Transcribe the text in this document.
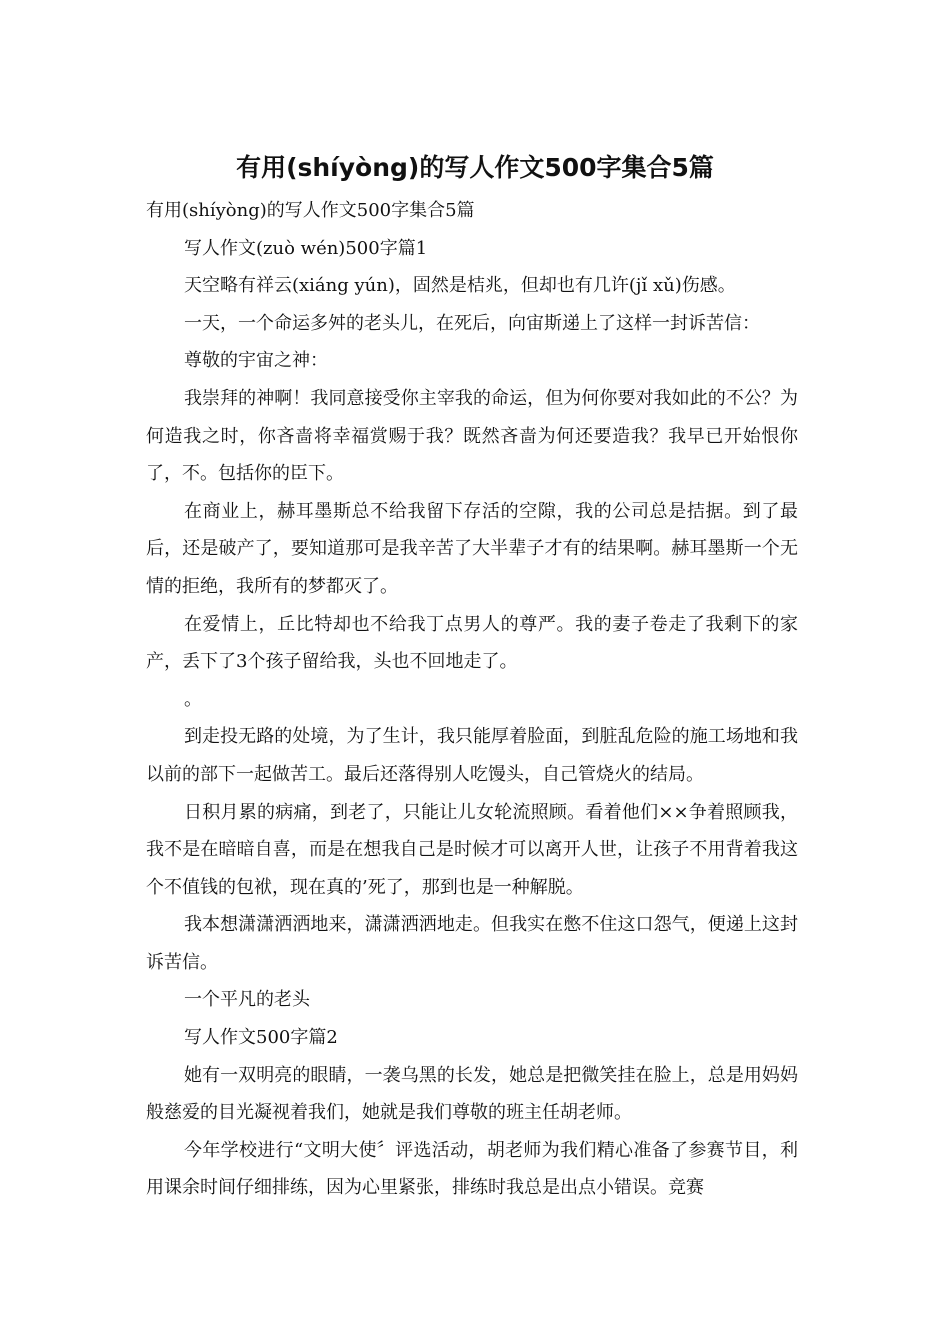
有用(shíyòng)的写人作文500字集合5篇

有用(shíyòng)的写人作文500字集合5篇

写人作文(zuò wén)500字篇1

天空略有祥云(xiáng yún)，固然是桔兆，但却也有几许(jǐ xǔ)伤感。

一天，一个命运多舛的老头儿，在死后，向宙斯递上了这样一封诉苦信：

尊敬的宇宙之神：

我崇拜的神啊！我同意接受你主宰我的命运，但为何你要对我如此的不公？为何造我之时，你吝啬将幸福赏赐于我？既然吝啬为何还要造我？我早已开始恨你了，不。包括你的臣下。

在商业上，赫耳墨斯总不给我留下存活的空隙，我的公司总是拮据。到了最后，还是破产了，要知道那可是我辛苦了大半辈子才有的结果啊。赫耳墨斯一个无情的拒绝，我所有的梦都灭了。

在爱情上，丘比特却也不给我丁点男人的尊严。我的妻子卷走了我剩下的家产，丢下了3个孩子留给我，头也不回地走了。

。

到走投无路的处境，为了生计，我只能厚着脸面，到脏乱危险的施工场地和我以前的部下一起做苦工。最后还落得别人吃馒头，自己管烧火的结局。

日积月累的病痛，到老了，只能让儿女轮流照顾。看着他们××争着照顾我，我不是在暗暗自喜，而是在想我自己是时候才可以离开人世，让孩子不用背着我这个不值钱的包袱，现在真的’死了，那到也是一种解脱。

我本想潇潇洒洒地来，潇潇洒洒地走。但我实在憋不住这口怨气，便递上这封诉苦信。

一个平凡的老头

写人作文500字篇2

她有一双明亮的眼睛，一袭乌黑的长发，她总是把微笑挂在脸上，总是用妈妈般慈爱的目光凝视着我们，她就是我们尊敬的班主任胡老师。

今年学校进行“文明大使〞评选活动，胡老师为我们精心准备了参赛节目，利用课余时间仔细排练，因为心里紧张，排练时我总是出点小错误。竞赛
